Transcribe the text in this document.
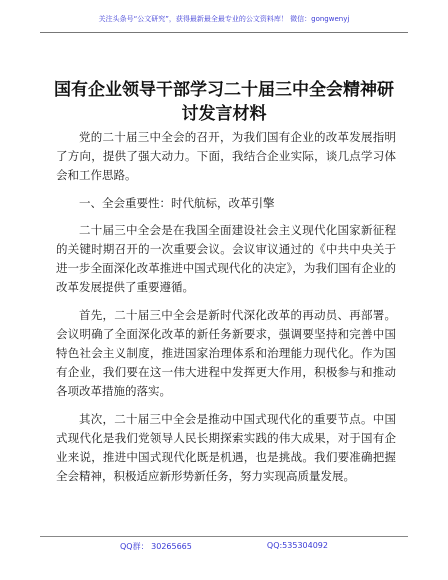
关注头条号“公文研究”，获得最新最全最专业的公文资料库！ 微信：gongwenyj
国有企业领导干部学习二十届三中全会精神研讨发言材料

党的二十届三中全会的召开，为我们国有企业的改革发展指明了方向，提供了强大动力。下面，我结合企业实际，谈几点学习体会和工作思路。

一、全会重要性：时代航标，改革引擎

二十届三中全会是在我国全面建设社会主义现代化国家新征程的关键时期召开的一次重要会议。会议审议通过的《中共中央关于进一步全面深化改革推进中国式现代化的决定》，为我们国有企业的改革发展提供了重要遵循。

首先，二十届三中全会是新时代深化改革的再动员、再部署。会议明确了全面深化改革的新任务新要求，强调要坚持和完善中国特色社会主义制度，推进国家治理体系和治理能力现代化。作为国有企业，我们要在这一伟大进程中发挥更大作用，积极参与和推动各项改革措施的落实。

其次，二十届三中全会是推动中国式现代化的重要节点。中国式现代化是我们党领导人民长期探索实践的伟大成果，对于国有企业来说，推进中国式现代化既是机遇，也是挑战。我们要准确把握全会精神，积极适应新形势新任务，努力实现高质量发展。

QQ群： 30265665	QQ:535304092
